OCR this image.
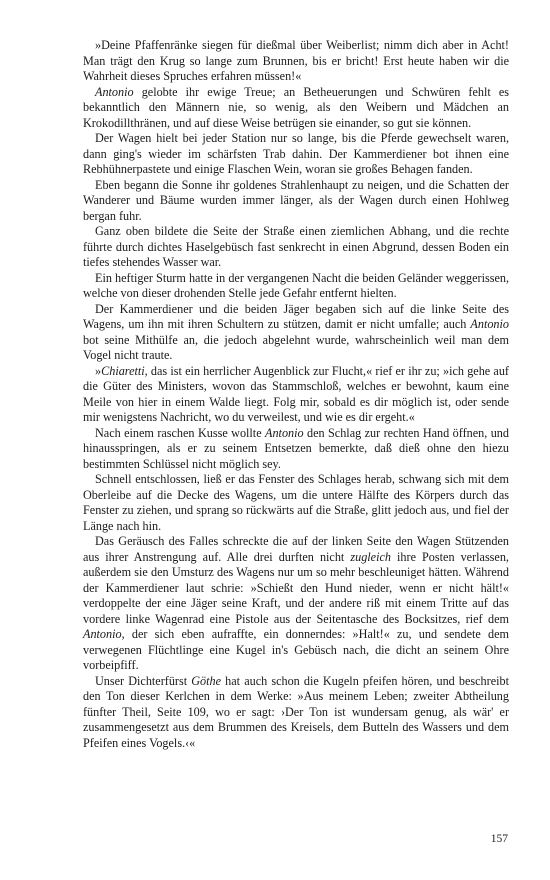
»Deine Pfaffenränke siegen für dießmal über Weiberlist; nimm dich aber in Acht! Man trägt den Krug so lange zum Brunnen, bis er bricht! Erst heute haben wir die Wahrheit dieses Spruches erfahren müssen!«

Antonio gelobte ihr ewige Treue; an Betheuerungen und Schwüren fehlt es bekanntlich den Männern nie, so wenig, als den Weibern und Mädchen an Krokodillthränen, und auf diese Weise betrügen sie einander, so gut sie können.

Der Wagen hielt bei jeder Station nur so lange, bis die Pferde gewechselt waren, dann ging's wieder im schärfsten Trab dahin. Der Kammerdiener bot ihnen eine Rebhühnerpastete und einige Flaschen Wein, woran sie großes Behagen fanden.

Eben begann die Sonne ihr goldenes Strahlenhaupt zu neigen, und die Schatten der Wanderer und Bäume wurden immer länger, als der Wagen durch einen Hohlweg bergan fuhr.

Ganz oben bildete die Seite der Straße einen ziemlichen Abhang, und die rechte führte durch dichtes Haselgebüsch fast senkrecht in einen Abgrund, dessen Boden ein tiefes stehendes Wasser war.

Ein heftiger Sturm hatte in der vergangenen Nacht die beiden Geländer weggerissen, welche von dieser drohenden Stelle jede Gefahr entfernt hielten.

Der Kammerdiener und die beiden Jäger begaben sich auf die linke Seite des Wagens, um ihn mit ihren Schultern zu stützen, damit er nicht umfalle; auch Antonio bot seine Mithülfe an, die jedoch abgelehnt wurde, wahrscheinlich weil man dem Vogel nicht traute.

»Chiaretti, das ist ein herrlicher Augenblick zur Flucht,« rief er ihr zu; »ich gehe auf die Güter des Ministers, wovon das Stammschloß, welches er bewohnt, kaum eine Meile von hier in einem Walde liegt. Folg mir, sobald es dir möglich ist, oder sende mir wenigstens Nachricht, wo du verweilest, und wie es dir ergeht.«

Nach einem raschen Kusse wollte Antonio den Schlag zur rechten Hand öffnen, und hinausspringen, als er zu seinem Entsetzen bemerkte, daß dieß ohne den hiezu bestimmten Schlüssel nicht möglich sey.

Schnell entschlossen, ließ er das Fenster des Schlages herab, schwang sich mit dem Oberleibe auf die Decke des Wagens, um die untere Hälfte des Körpers durch das Fenster zu ziehen, und sprang so rückwärts auf die Straße, glitt jedoch aus, und fiel der Länge nach hin.

Das Geräusch des Falles schreckte die auf der linken Seite den Wagen Stützenden aus ihrer Anstrengung auf. Alle drei durften nicht zugleich ihre Posten verlassen, außerdem sie den Umsturz des Wagens nur um so mehr beschleuniget hätten. Während der Kammerdiener laut schrie: »Schießt den Hund nieder, wenn er nicht hält!« verdoppelte der eine Jäger seine Kraft, und der andere riß mit einem Tritte auf das vordere linke Wagenrad eine Pistole aus der Seitentasche des Bocksitzes, rief dem Antonio, der sich eben aufraffte, ein donnerndes: »Halt!« zu, und sendete dem verwegenen Flüchtlinge eine Kugel in's Gebüsch nach, die dicht an seinem Ohre vorbeipfiff.

Unser Dichterfürst Göthe hat auch schon die Kugeln pfeifen hören, und beschreibt den Ton dieser Kerlchen in dem Werke: »Aus meinem Leben; zweiter Abtheilung fünfter Theil, Seite 109, wo er sagt: ›Der Ton ist wundersam genug, als wär' er zusammengesetzt aus dem Brummen des Kreisels, dem Butteln des Wassers und dem Pfeifen eines Vogels.‹«

157
